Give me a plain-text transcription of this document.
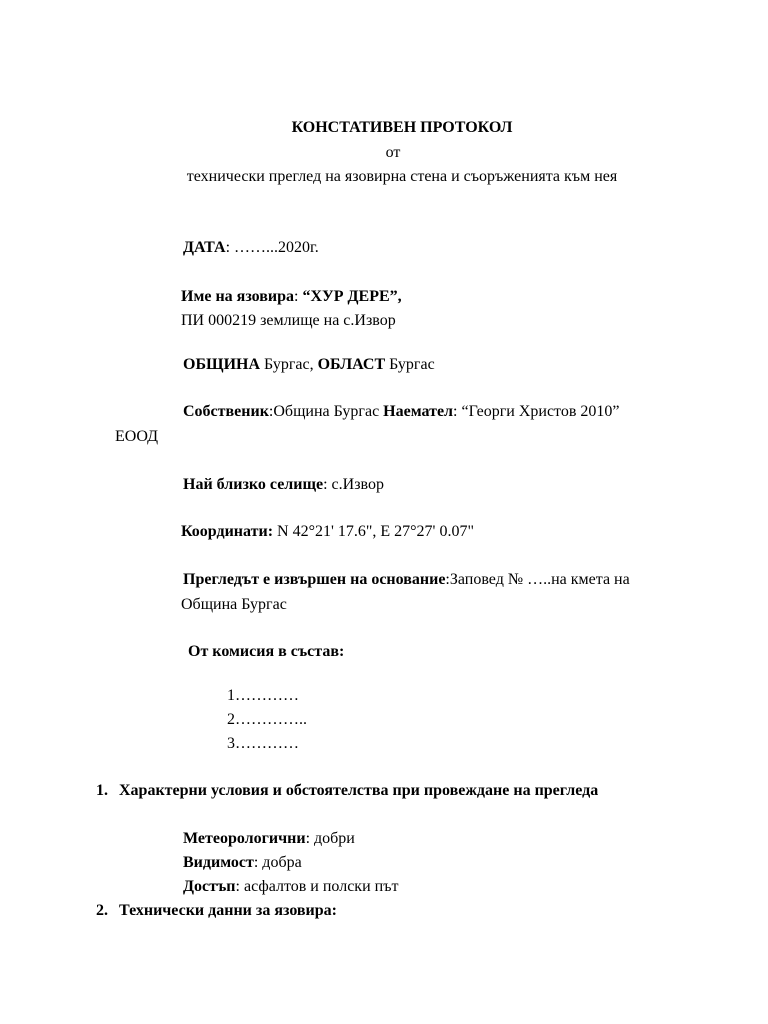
КОНСТАТИВЕН ПРОТОКОЛ
от
технически преглед на язовирна стена и съоръженията към нея
ДАТА: ……...2020г.
Име на язовира: “ХУР ДЕРЕ”,
ПИ 000219 землище на с.Извор
ОБЩИНА Бургас, ОБЛАСТ Бургас
Собственик:Община Бургас Наемател: “Георги Христов 2010”
ЕООД
Най близко селище: с.Извор
Координати: N 42°21' 17.6", E 27°27' 0.07"
Прегледът е извършен на основание:Заповед № …..на кмета на
Община Бургас
От комисия в състав:
1…………
2…………..
3…………
1. Характерни условия и обстоятелства при провеждане на прегледа
Метеорологични: добри
Видимост: добра
Достъп: асфалтов и полски път
2. Технически данни за язовира:
